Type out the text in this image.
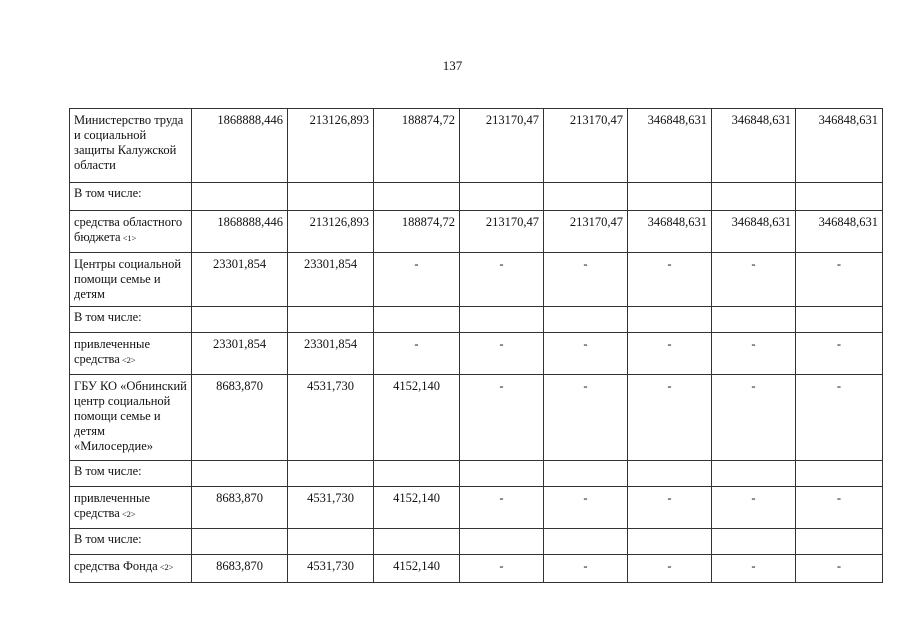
137
Министерство труда и социальной защиты Калужской области	1868888,446	213126,893	188874,72	213170,47	213170,47	346848,631	346848,631	346848,631
В том числе:								
средства областного бюджета <1>	1868888,446	213126,893	188874,72	213170,47	213170,47	346848,631	346848,631	346848,631
Центры социальной помощи семье и детям	23301,854	23301,854	-	-	-	-	-	-
В том числе:								
привлеченные средства <2>	23301,854	23301,854	-	-	-	-	-	-
ГБУ КО «Обнинский центр социальной помощи семье и детям «Милосердие»	8683,870	4531,730	4152,140	-	-	-	-	-
В том числе:								
привлеченные средства <2>	8683,870	4531,730	4152,140	-	-	-	-	-
В том числе:								
средства Фонда <2>	8683,870	4531,730	4152,140	-	-	-	-	-
